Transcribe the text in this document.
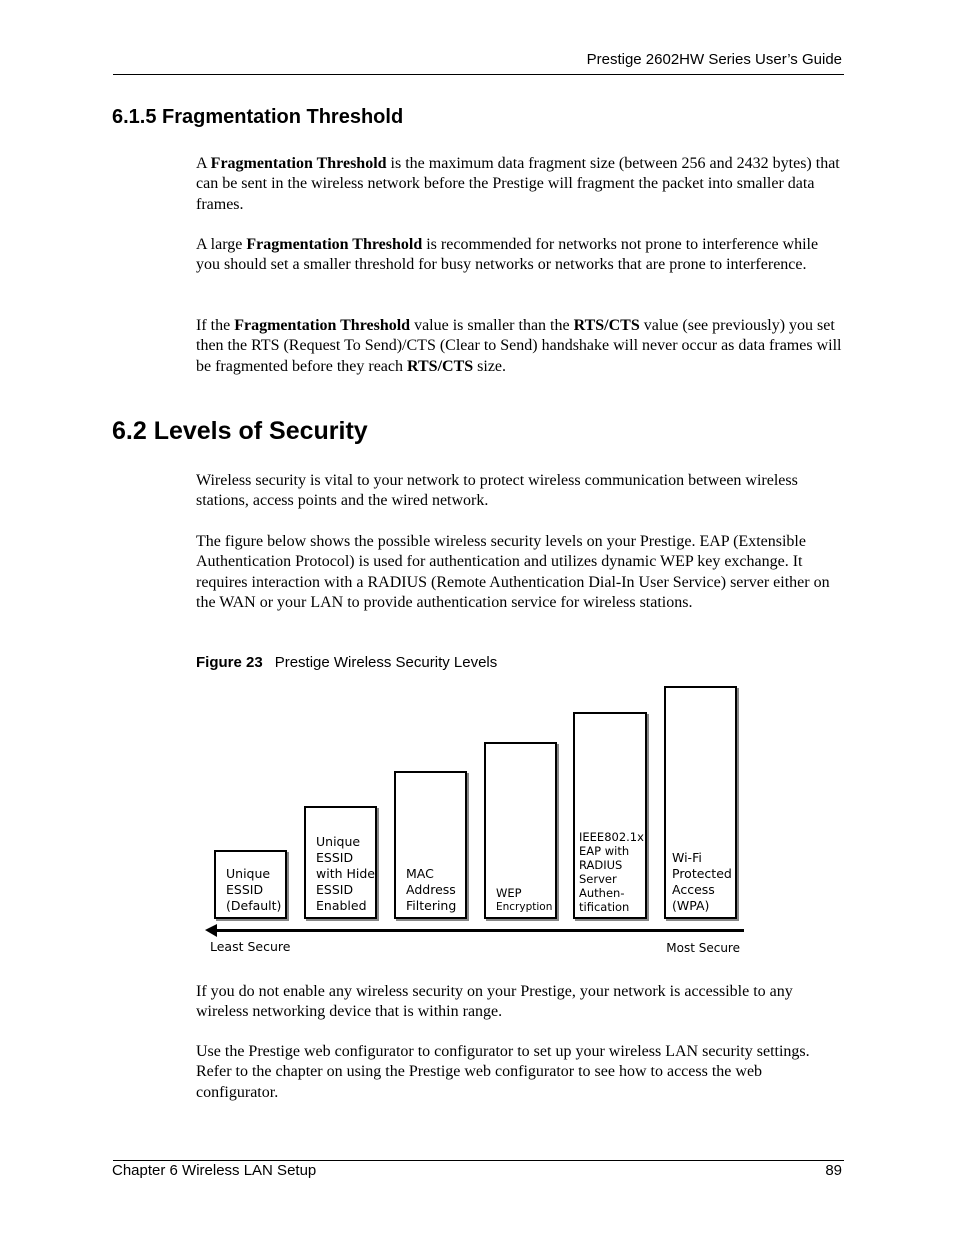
Prestige 2602HW Series User’s Guide
6.1.5 Fragmentation Threshold

A Fragmentation Threshold is the maximum data fragment size (between 256 and 2432 bytes) that can be sent in the wireless network before the Prestige will fragment the packet into smaller data frames.

A large Fragmentation Threshold is recommended for networks not prone to interference while you should set a smaller threshold for busy networks or networks that are prone to interference.

If the Fragmentation Threshold value is smaller than the RTS/CTS value (see previously) you set then the RTS (Request To Send)/CTS (Clear to Send) handshake will never occur as data frames will be fragmented before they reach RTS/CTS size.

6.2 Levels of Security

Wireless security is vital to your network to protect wireless communication between wireless stations, access points and the wired network.

The figure below shows the possible wireless security levels on your Prestige. EAP (Extensible Authentication Protocol) is used for authentication and utilizes dynamic WEP key exchange. It requires interaction with a RADIUS (Remote Authentication Dial-In User Service) server either on the WAN or your LAN to provide authentication service for wireless stations.

Figure 23 Prestige Wireless Security Levels
Unique
ESSID
(Default)
Unique
ESSID
with Hide
ESSID
Enabled
MAC
Address
Filtering
WEP
Encryption
IEEE802.1x
EAP with
RADIUS
Server
Authen-
tification
Wi-Fi
Protected
Access
(WPA)
Least Secure	Most Secure

If you do not enable any wireless security on your Prestige, your network is accessible to any wireless networking device that is within range.

Use the Prestige web configurator to configurator to set up your wireless LAN security settings. Refer to the chapter on using the Prestige web configurator to see how to access the web configurator.

Chapter 6 Wireless LAN Setup	89
